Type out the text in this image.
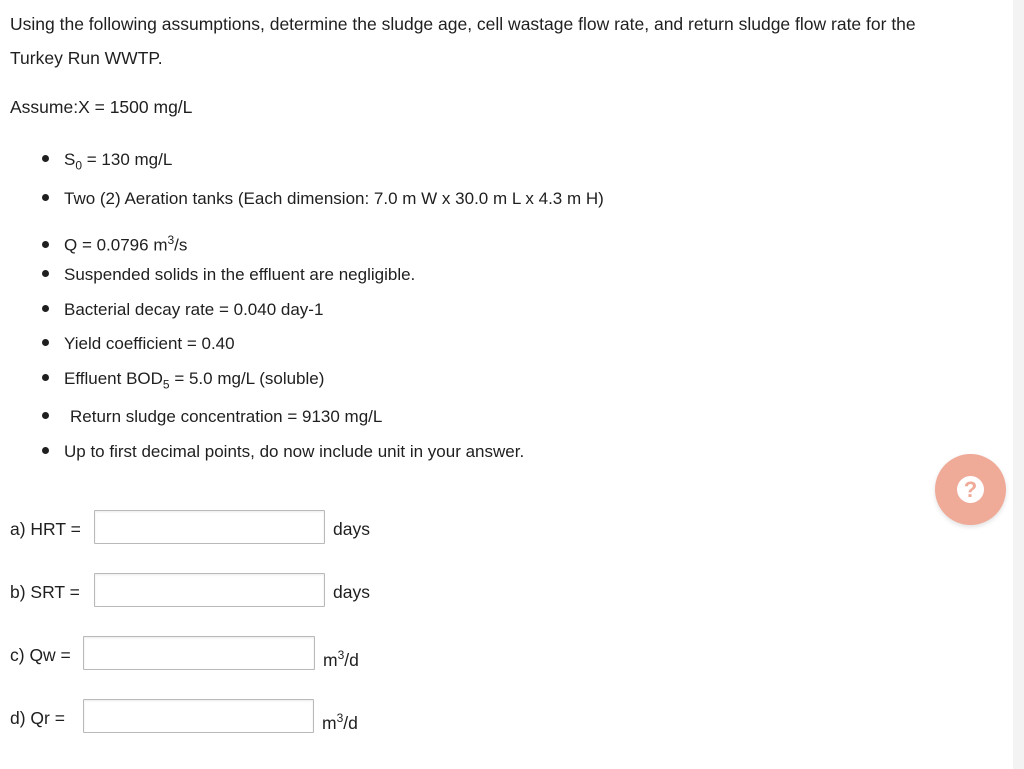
Using the following assumptions, determine the sludge age, cell wastage flow rate, and return sludge flow rate for the Turkey Run WWTP.
Assume:X = 1500 mg/L
$S_0 = 130$ mg/L
Two (2) Aeration tanks (Each dimension: 7.0 m W x 30.0 m L x 4.3 m H)
Q = 0.0796 $m^3/s$
Suspended solids in the effluent are negligible.
Bacterial decay rate = 0.040 day-1
Yield coefficient = 0.40
Effluent $BOD_5 = 5.0$ mg/L (soluble)
Return sludge concentration = 9130 mg/L
Up to first decimal points, do now include unit in your answer.
a) HRT =	days
b) SRT =	days
c) Qw =	$m^3/d$
d) Qr =	$m^3/d$
?
